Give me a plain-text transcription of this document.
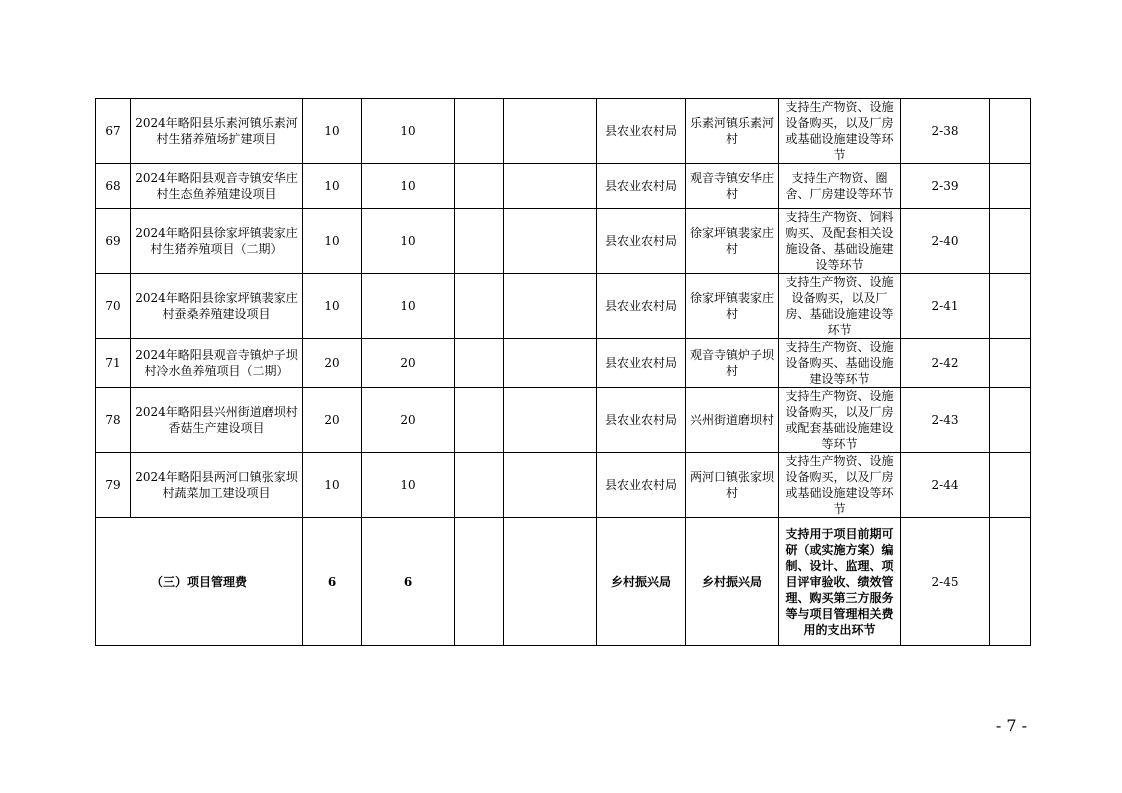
67	2024年略阳县乐素河镇乐素河村生猪养殖场扩建项目	10	10			县农业农村局	乐素河镇乐素河村	支持生产物资、设施设备购买，以及厂房或基础设施建设等环节	2-38	
68	2024年略阳县观音寺镇安华庄村生态鱼养殖建设项目	10	10			县农业农村局	观音寺镇安华庄村	支持生产物资、圈舍、厂房建设等环节	2-39	
69	2024年略阳县徐家坪镇裴家庄村生猪养殖项目（二期）	10	10			县农业农村局	徐家坪镇裴家庄村	支持生产物资、饲料购买、及配套相关设施设备、基础设施建设等环节	2-40	
70	2024年略阳县徐家坪镇裴家庄村蚕桑养殖建设项目	10	10			县农业农村局	徐家坪镇裴家庄村	支持生产物资、设施设备购买，以及厂房、基础设施建设等环节	2-41	
71	2024年略阳县观音寺镇炉子坝村冷水鱼养殖项目（二期）	20	20			县农业农村局	观音寺镇炉子坝村	支持生产物资、设施设备购买、基础设施建设等环节	2-42	
78	2024年略阳县兴州街道磨坝村香菇生产建设项目	20	20			县农业农村局	兴州街道磨坝村	支持生产物资、设施设备购买，以及厂房或配套基础设施建设等环节	2-43	
79	2024年略阳县两河口镇张家坝村蔬菜加工建设项目	10	10			县农业农村局	两河口镇张家坝村	支持生产物资、设施设备购买，以及厂房或基础设施建设等环节	2-44	
（三）项目管理费		6	6			乡村振兴局	乡村振兴局	支持用于项目前期可研（或实施方案）编制、设计、监理、项目评审验收、绩效管理、购买第三方服务等与项目管理相关费用的支出环节	2-45	
- 7 -
